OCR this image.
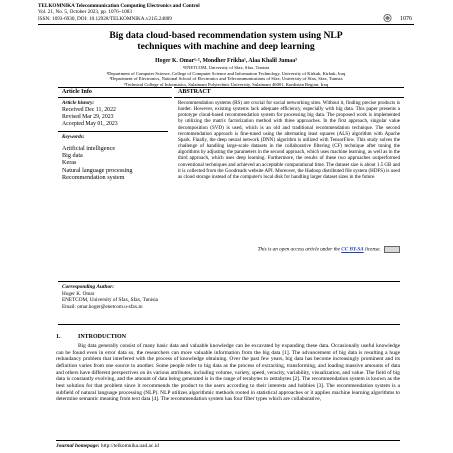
TELKOMNIKA Telecommunication Computing Electronics and Control
Vol. 21, No. 5, October 2023, pp. 1076~1083
ISSN: 1693-6930, DOI: 10.12928/TELKOMNIKA.v21i5.24889	1076
Big data cloud-based recommendation system using NLP
techniques with machine and deep learning
Hoger K. Omar¹·², Mondher Frikha¹, Alaa Khalil Jumaa³
¹ENETCOM, University of Sfax, Sfax, Tunisia
²Department of Computer Science, College of Computer Science and Information Technology, University of Kirkuk, Kirkuk, Iraq
²Department of Electronics, National School of Electronics and Telecommunications of Sfax, University of Sfax, Sfax, Tunisia
³Technical College of Informatics, Sulaimani Polytechnic University, Sulaimani 46001, Kurdistan Region, Iraq
Article Info	ABSTRACT
Article history:
Received Dec 11, 2022
Revised Mar 29, 2023
Accepted May 01, 2023
Keywords:
Artificial intelligence
Big data
Keras
Natural language processing
Recommendation system
Recommendation systems (RS) are crucial for social networking sites. Without it, finding precise products is harder. However, existing systems lack adequate efficiency, especially with big data. This paper presents a prototype cloud-based recommendation system for processing big data. The proposed work is implemented by utilizing the matrix factorization method with three approaches. In the first approach, singular value decomposition (SVD) is used, which is an old and traditional recommendation technique. The second recommendation approach is fine-tuned using the alternating least squares (ALS) algorithm with Apache Spark. Finally, the deep neural network (DNN) algorithm is utilized with TensorFlow. This study solves the challenge of handling large-scale datasets in the collaborative filtering (CF) technique after tuning the algorithms by adjusting the parameters in the second approach, which uses machine learning, as well as in the third approach, which uses deep learning. Furthermore, the results of these two approaches outperformed conventional techniques and achieved an acceptable computational time. The dataset size is about 1.5 GB and it is collected from the Goodreads website API. Moreover, the Hadoop distributed file system (HDFS) is used as cloud storage instead of the computer's local disk for handling larger dataset sizes in the future.
This is an open access article under the CC BY-SA license.
Corresponding Author:
Hoger K. Omar
ENETCOM, University of Sfax, Sfax, Tunisia
Email: omar.hoger@enetcom.u-sfax.tn
1.	INTRODUCTION
Big data generally consist of many basic data and valuable knowledge can be excavated by expanding these data. Occasionally useful knowledge can be found even in error data so, the researchers can more valuable information from the big data [1]. The advancement of big data is resulting a huge redundancy problem that interfered with the process of knowledge obtaining. Over the past few years, big data has become increasingly prominent and its definition varies from one source to another. Some people refer to big data as the process of extracting, transforming, and loading massive amounts of data and others have different perspectives on its various attributes, including volume, variety, speed, veracity, variability, visualization, and value. The field of big data is constantly evolving, and the amount of data being generated is in the range of terabytes to zettabytes [2]. The recommendation system is known as the best solution for that problem since it recommends the product to the users according to their interests and hobbies [3]. The recommendation system is a subfield of natural language processing (NLP). NLP utilizes algorithmic methods rooted in statistical approaches or it applies machine learning algorithms to determine semantic meaning from text data [4]. The recommendation system has four filter types which are collaborative,
Journal homepage: http://telkomnika.uad.ac.id
